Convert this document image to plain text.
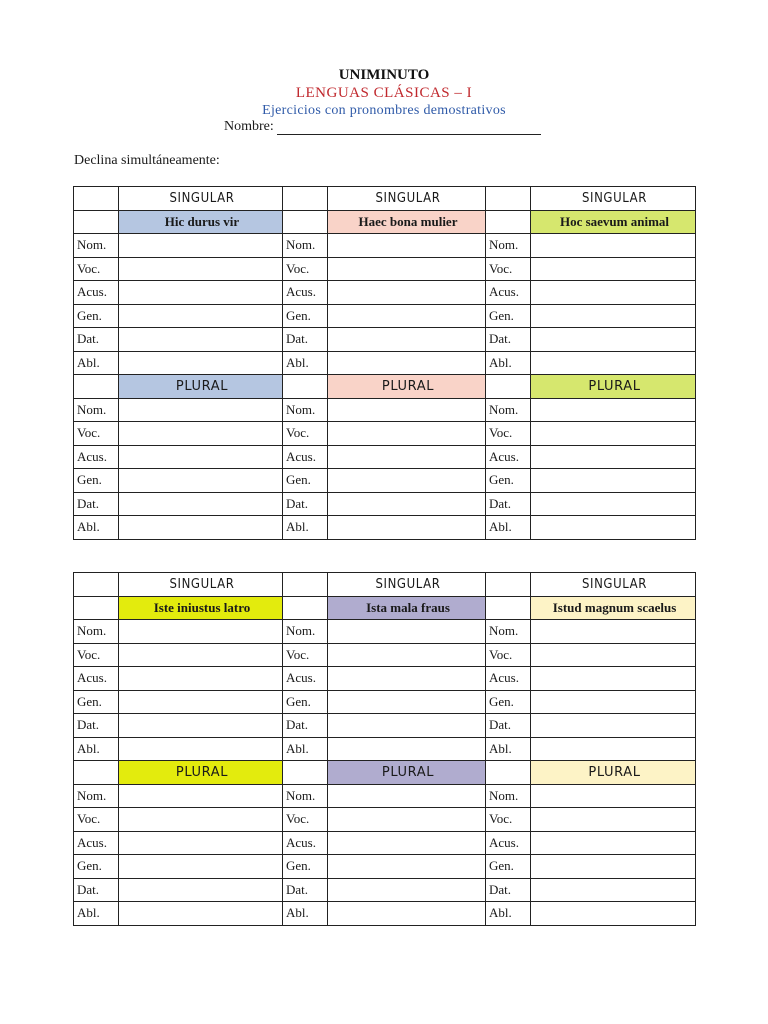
UNIMINUTO
LENGUAS CLÁSICAS – I
Ejercicios con pronombres demostrativos
Nombre:
Declina simultáneamente:
	SINGULAR		SINGULAR		SINGULAR
	Hic durus vir		Haec bona mulier		Hoc saevum animal
Nom.		Nom.		Nom.	
Voc.		Voc.		Voc.	
Acus.		Acus.		Acus.	
Gen.		Gen.		Gen.	
Dat.		Dat.		Dat.	
Abl.		Abl.		Abl.	
	PLURAL		PLURAL		PLURAL
Nom.		Nom.		Nom.	
Voc.		Voc.		Voc.	
Acus.		Acus.		Acus.	
Gen.		Gen.		Gen.	
Dat.		Dat.		Dat.	
Abl.		Abl.		Abl.	
	SINGULAR		SINGULAR		SINGULAR
	Iste iniustus latro		Ista mala fraus		Istud magnum scaelus
Nom.		Nom.		Nom.	
Voc.		Voc.		Voc.	
Acus.		Acus.		Acus.	
Gen.		Gen.		Gen.	
Dat.		Dat.		Dat.	
Abl.		Abl.		Abl.	
	PLURAL		PLURAL		PLURAL
Nom.		Nom.		Nom.	
Voc.		Voc.		Voc.	
Acus.		Acus.		Acus.	
Gen.		Gen.		Gen.	
Dat.		Dat.		Dat.	
Abl.		Abl.		Abl.	
